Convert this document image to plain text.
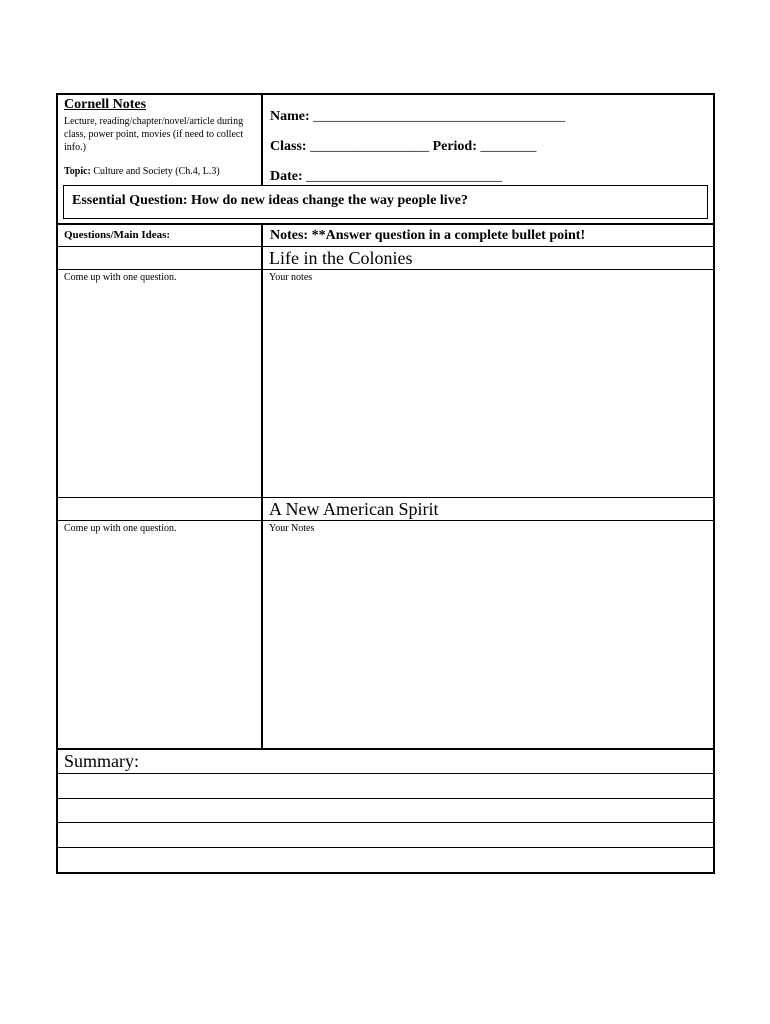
Cornell Notes
Lecture, reading/chapter/novel/article during class, power point, movies (if need to collect info.)
Topic: Culture and Society (Ch.4, L.3)
Name: ____________________________________
Class: _________________ Period: ________
Date: ____________________________
Essential Question: How do new ideas change the way people live?
Questions/Main Ideas:	Notes: **Answer question in a complete bullet point!
Life in the Colonies
Come up with one question.	Your notes
A New American Spirit
Come up with one question.	Your Notes
Summary:
